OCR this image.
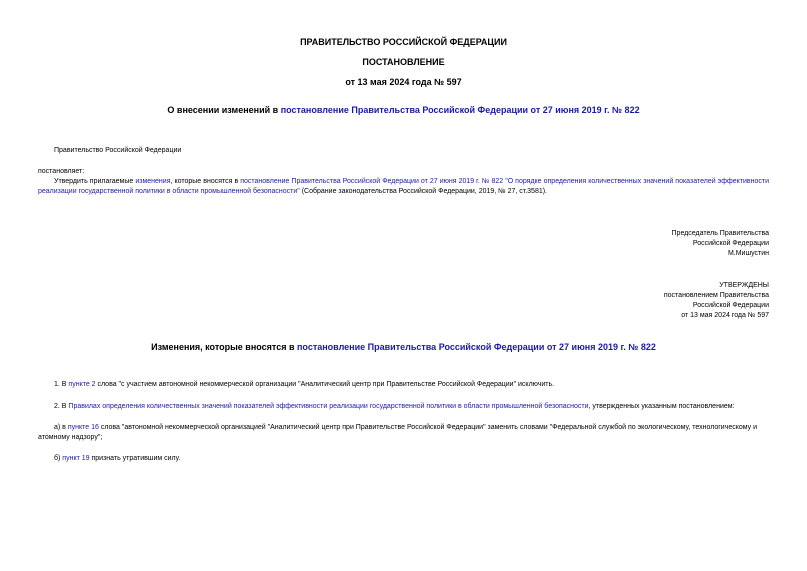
ПРАВИТЕЛЬСТВО РОССИЙСКОЙ ФЕДЕРАЦИИ
ПОСТАНОВЛЕНИЕ
от 13 мая 2024 года № 597
О внесении изменений в постановление Правительства Российской Федерации от 27 июня 2019 г. № 822
Правительство Российской Федерации
постановляет:
Утвердить прилагаемые изменения, которые вносятся в постановление Правительства Российской Федерации от 27 июня 2019 г. № 822 "О порядке определения количественных значений показателей эффективности реализации государственной политики в области промышленной безопасности" (Собрание законодательства Российской Федерации, 2019, № 27, ст.3581).
Председатель Правительства
Российской Федерации
М.Мишустин
УТВЕРЖДЕНЫ
постановлением Правительства
Российской Федерации
от 13 мая 2024 года № 597
Изменения, которые вносятся в постановление Правительства Российской Федерации от 27 июня 2019 г. № 822
1. В пункте 2 слова "с участием автономной некоммерческой организации "Аналитический центр при Правительстве Российской Федерации" исключить.
2. В Правилах определения количественных значений показателей эффективности реализации государственной политики в области промышленной безопасности, утвержденных указанным постановлением:
а) в пункте 16 слова "автономной некоммерческой организацией "Аналитический центр при Правительстве Российской Федерации" заменить словами "Федеральной службой по экологическому, технологическому и атомному надзору";
б) пункт 19 признать утратившим силу.
